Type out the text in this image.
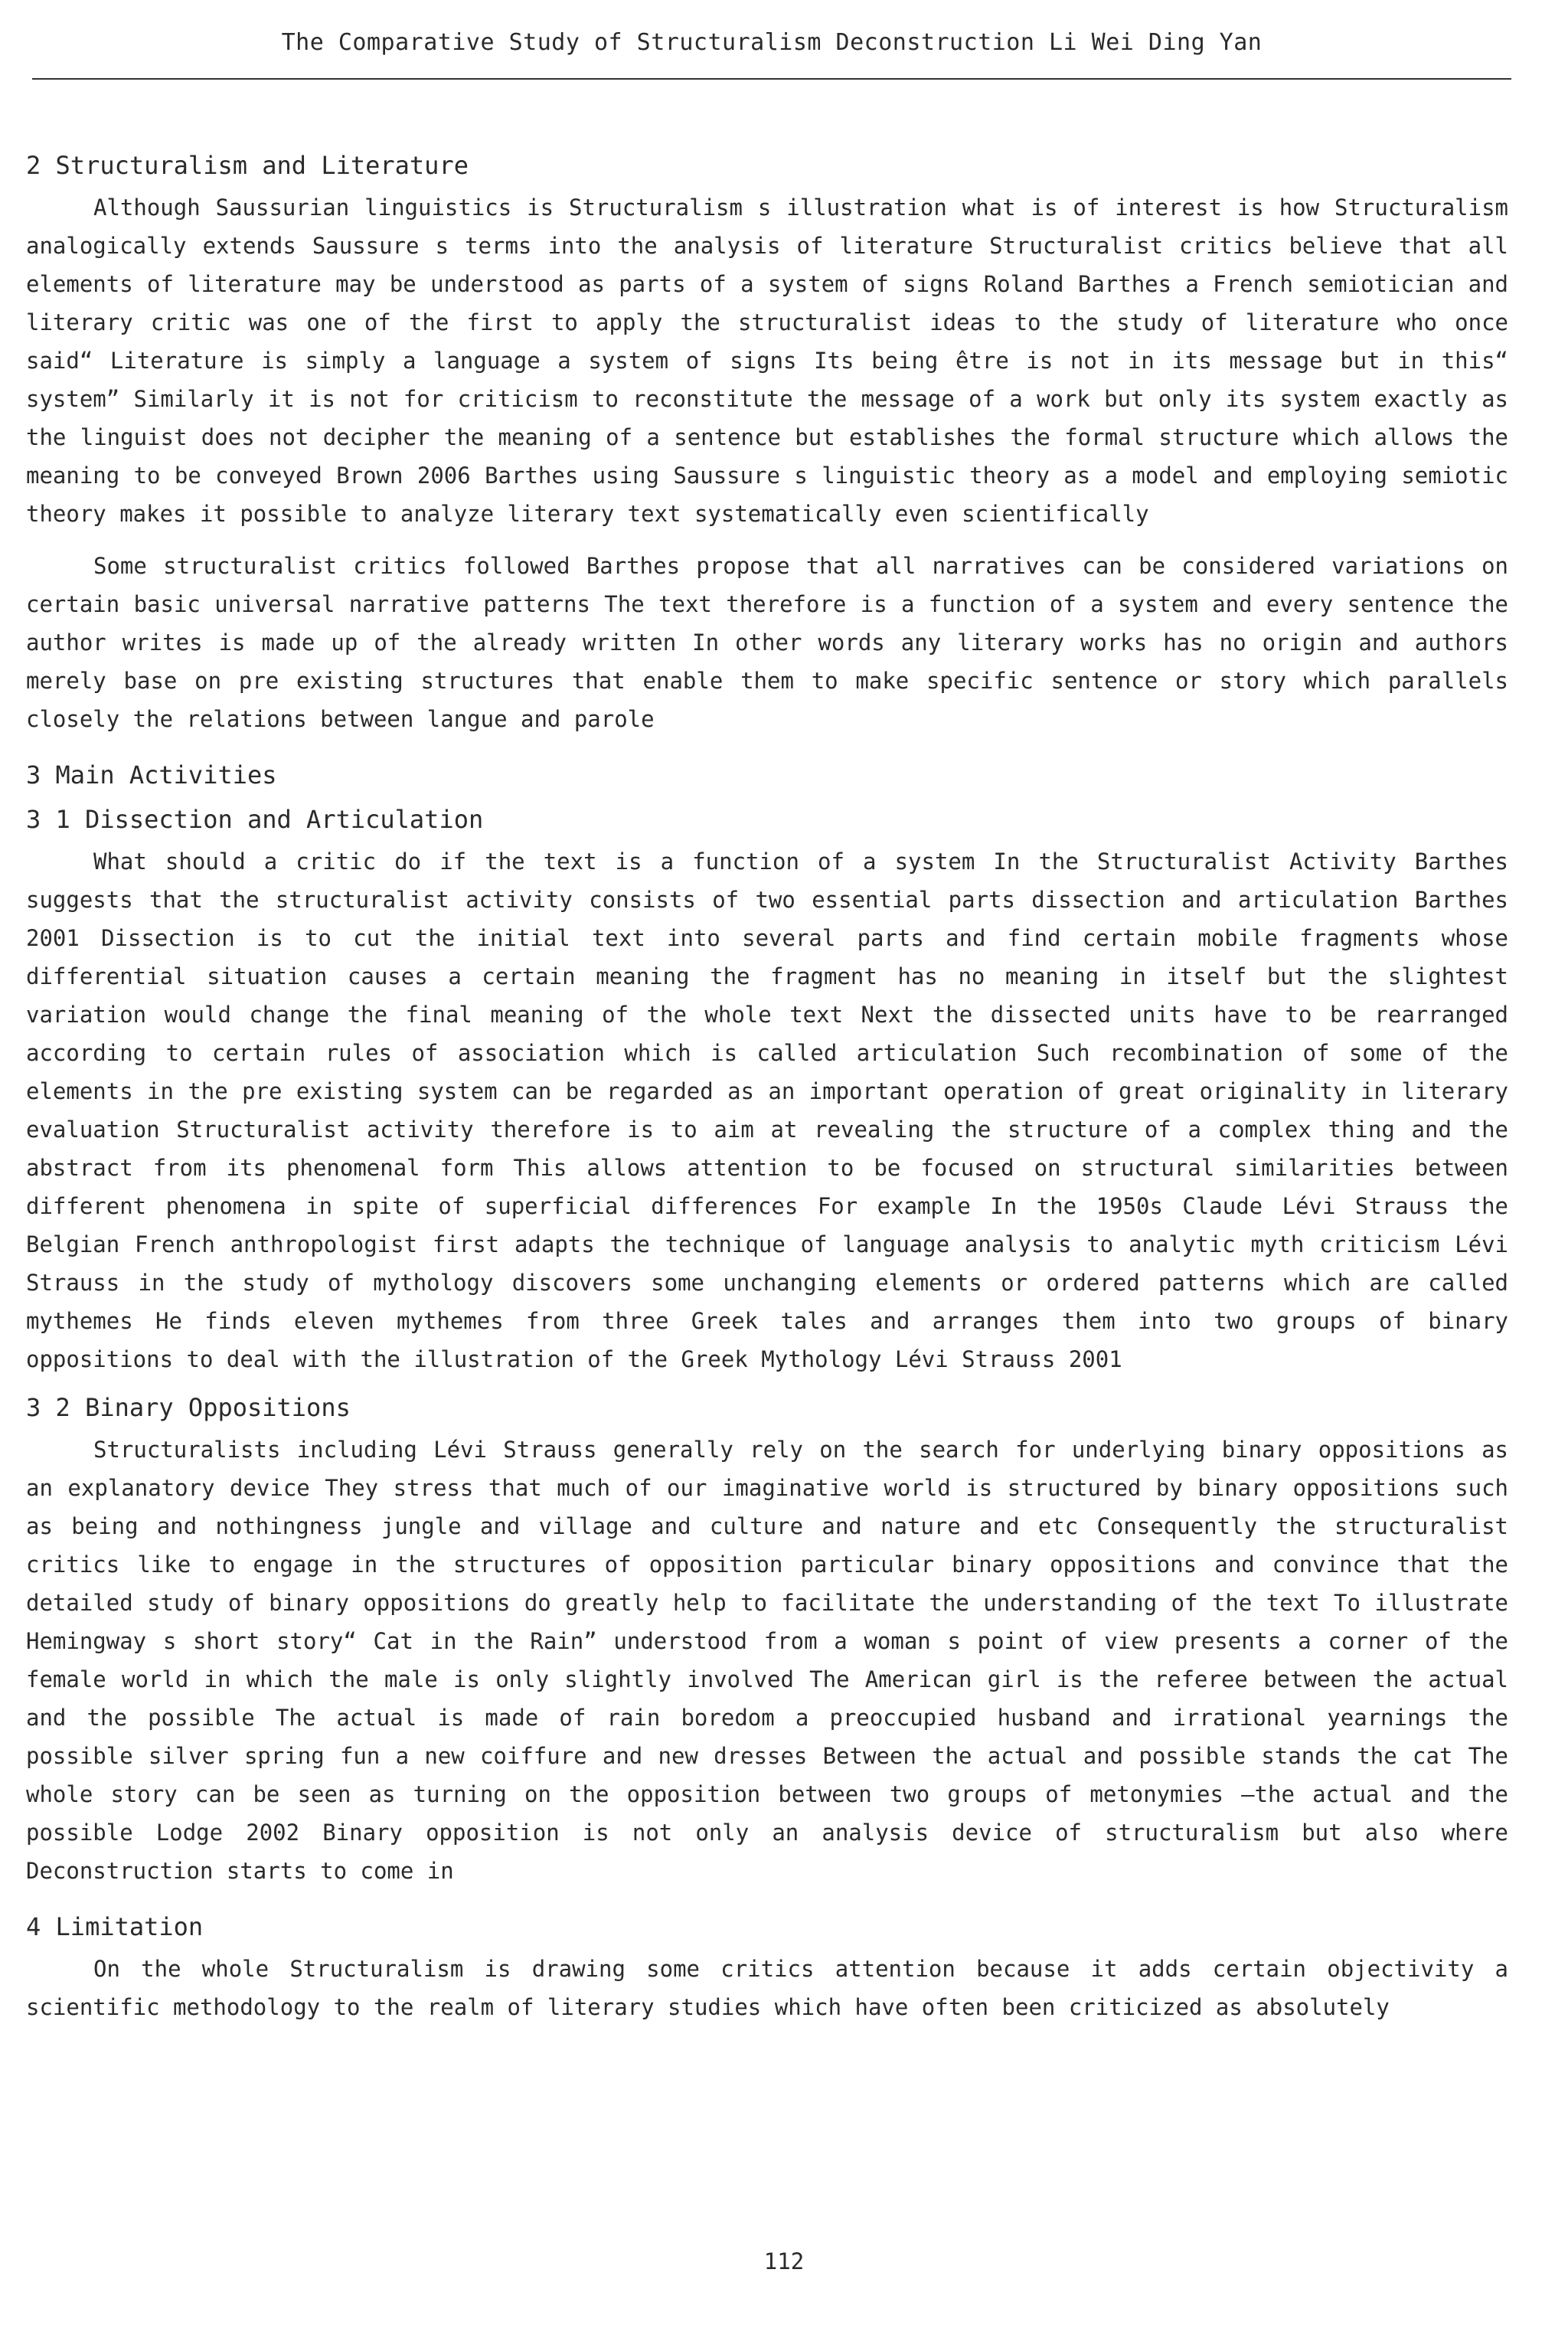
The Comparative Study of Structuralism Deconstruction Li Wei Ding Yan
2 Structuralism and Literature

Although Saussurian linguistics is Structuralism s illustration what is of interest is how Structuralism analogically extends Saussure s terms into the analysis of literature Structuralist critics believe that all elements of literature may be understood as parts of a system of signs Roland Barthes a French semiotician and literary critic was one of the first to apply the structuralist ideas to the study of literature who once said“ Literature is simply a language a system of signs Its being être is not in its message but in this“ system” Similarly it is not for criticism to reconstitute the message of a work but only its system exactly as the linguist does not decipher the meaning of a sentence but establishes the formal structure which allows the meaning to be conveyed Brown 2006 Barthes using Saussure s linguistic theory as a model and employing semiotic theory makes it possible to analyze literary text systematically even scientifically

Some structuralist critics followed Barthes propose that all narratives can be considered variations on certain basic universal narrative patterns The text therefore is a function of a system and every sentence the author writes is made up of the already written In other words any literary works has no origin and authors merely base on pre existing structures that enable them to make specific sentence or story which parallels closely the relations between langue and parole

3 Main Activities
3 1 Dissection and Articulation

What should a critic do if the text is a function of a system In the Structuralist Activity Barthes suggests that the structuralist activity consists of two essential parts dissection and articulation Barthes 2001 Dissection is to cut the initial text into several parts and find certain mobile fragments whose differential situation causes a certain meaning the fragment has no meaning in itself but the slightest variation would change the final meaning of the whole text Next the dissected units have to be rearranged according to certain rules of association which is called articulation Such recombination of some of the elements in the pre existing system can be regarded as an important operation of great originality in literary evaluation Structuralist activity therefore is to aim at revealing the structure of a complex thing and the abstract from its phenomenal form This allows attention to be focused on structural similarities between different phenomena in spite of superficial differences For example In the 1950s Claude Lévi Strauss the Belgian French anthropologist first adapts the technique of language analysis to analytic myth criticism Lévi Strauss in the study of mythology discovers some unchanging elements or ordered patterns which are called mythemes He finds eleven mythemes from three Greek tales and arranges them into two groups of binary oppositions to deal with the illustration of the Greek Mythology Lévi Strauss 2001

3 2 Binary Oppositions

Structuralists including Lévi Strauss generally rely on the search for underlying binary oppositions as an explanatory device They stress that much of our imaginative world is structured by binary oppositions such as being and nothingness jungle and village and culture and nature and etc Consequently the structuralist critics like to engage in the structures of opposition particular binary oppositions and convince that the detailed study of binary oppositions do greatly help to facilitate the understanding of the text To illustrate Hemingway s short story“ Cat in the Rain” understood from a woman s point of view presents a corner of the female world in which the male is only slightly involved The American girl is the referee between the actual and the possible The actual is made of rain boredom a preoccupied husband and irrational yearnings the possible silver spring fun a new coiffure and new dresses Between the actual and possible stands the cat The whole story can be seen as turning on the opposition between two groups of metonymies —the actual and the possible Lodge 2002 Binary opposition is not only an analysis device of structuralism but also where Deconstruction starts to come in

4 Limitation

On the whole Structuralism is drawing some critics attention because it adds certain objectivity a scientific methodology to the realm of literary studies which have often been criticized as absolutely

112
